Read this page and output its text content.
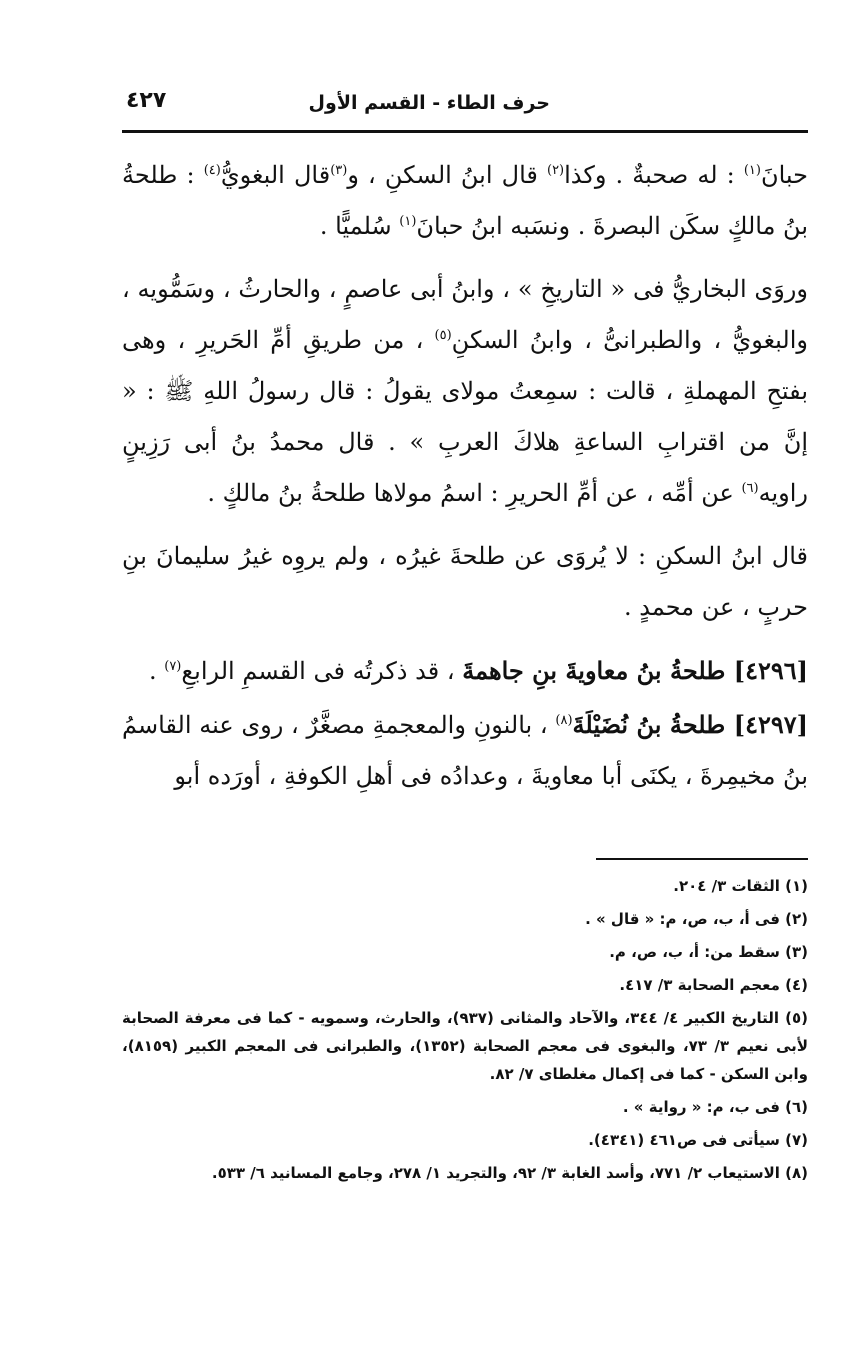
حرف الطاء - القسم الأول
٤٢٧

حبانَ$^{(١)}$ : له صحبةٌ . وكذا$^{(٢)}$ قال ابنُ السكنِ ، و$^{(٣)}$قال البغويُّ$^{(٤)}$ : طلحةُ بنُ مالكٍ سكَن البصرةَ . ونسَبه ابنُ حبانَ$^{(١)}$ سُلميًّا .

وروَى البخاريُّ فى « التاريخِ » ، وابنُ أبى عاصمٍ ، والحارثُ ، وسَمُّويه ، والبغويُّ ، والطبرانىُّ ، وابنُ السكنِ$^{(٥)}$ ، من طريقِ أمِّ الحَريرِ ، وهى بفتحِ المهملةِ ، قالت : سمِعتُ مولاى يقولُ : قال رسولُ اللهِ ﷺ : « إنَّ من اقترابِ الساعةِ هلاكَ العربِ » . قال محمدُ بنُ أبى رَزِينٍ راويه$^{(٦)}$ عن أمِّه ، عن أمِّ الحريرِ : اسمُ مولاها طلحةُ بنُ مالكٍ .

قال ابنُ السكنِ : لا يُروَى عن طلحةَ غيرُه ، ولم يروِه غيرُ سليمانَ بنِ حربٍ ، عن محمدٍ .

[٤٢٩٦] طلحةُ بنُ معاويةَ بنِ جاهمةَ ، قد ذكرتُه فى القسمِ الرابعِ$^{(٧)}$ .

[٤٢٩٧] طلحةُ بنُ نُضَيْلَةَ$^{(٨)}$ ، بالنونِ والمعجمةِ مصغَّرٌ ، روى عنه القاسمُ بنُ مخيمِرةَ ، يكنَى أبا معاويةَ ، وعدادُه فى أهلِ الكوفةِ ، أورَده أبو

(١) الثقات ٣/ ٢٠٤.

(٢) فى أ، ب، ص، م: « قال » .

(٣) سقط من: أ، ب، ص، م.

(٤) معجم الصحابة ٣/ ٤١٧.

(٥) التاريخ الكبير ٤/ ٣٤٤، والآحاد والمثانى (٩٣٧)، والحارث، وسمويه - كما فى معرفة الصحابة لأبى نعيم ٣/ ٧٣، والبغوى فى معجم الصحابة (١٣٥٢)، والطبرانى فى المعجم الكبير (٨١٥٩)، وابن السكن - كما فى إكمال مغلطاى ٧/ ٨٢.

(٦) فى ب، م: « رواية » .

(٧) سيأتى فى ص٤٦١ (٤٣٤١).

(٨) الاستيعاب ٢/ ٧٧١، وأسد الغابة ٣/ ٩٢، والتجريد ١/ ٢٧٨، وجامع المسانيد ٦/ ٥٣٣.
